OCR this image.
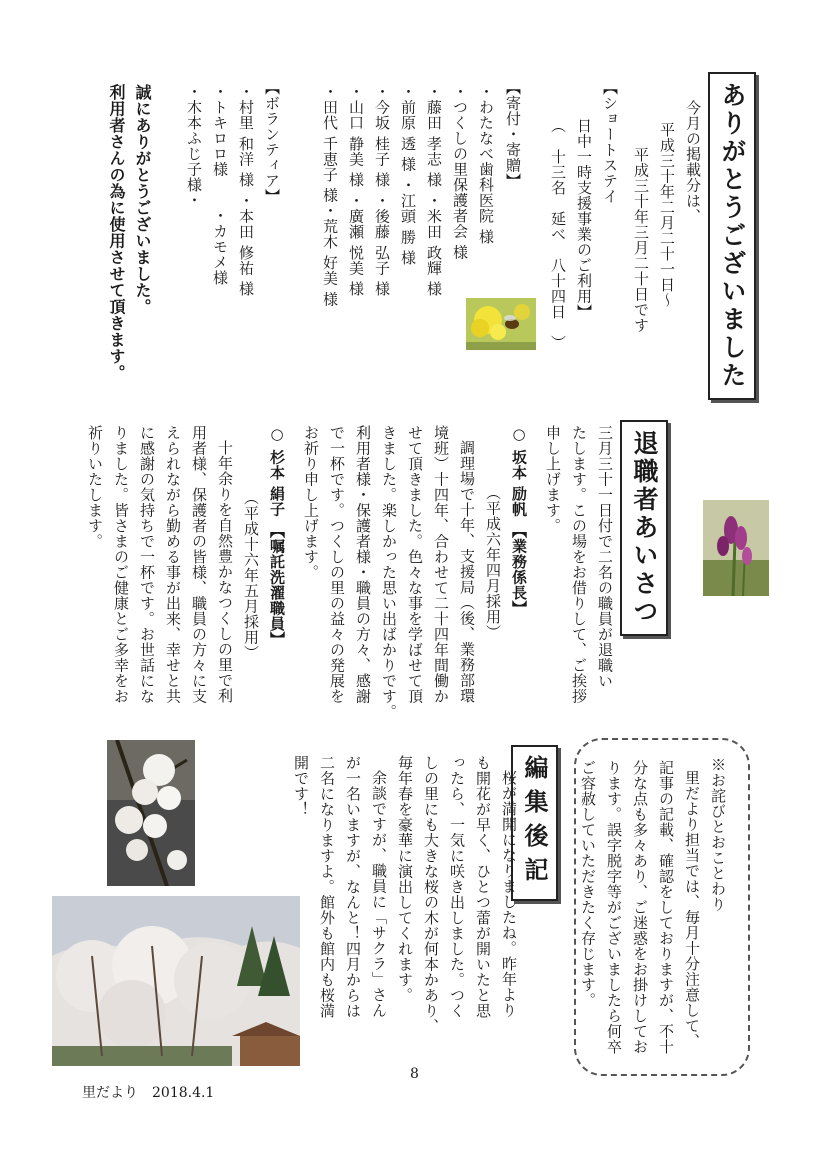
ありがとうございました
今月の掲載分は、
平成三十年二月二十一日～
平成三十年三月二十日です
【ショートステイ
日中一時支援事業のご利用】
（　十三名　延べ　八十四日　）
【寄付・寄贈】
・わたなべ歯科医院 様
・つくしの里保護者会 様
・藤田 孝志 様 ・米田 政輝 様
・前原 透 様 ・江頭 勝 様
・今坂 桂子 様 ・後藤 弘子 様
・山口 静美 様 ・廣瀬 悦美 様
・田代 千恵子 様・荒木 好美 様
【ボランティア】
・村里 和洋 様 ・本田 修祐 様
・トキロロ様　　・カモメ様
・木本ふじ子様・
誠にありがとうございました。
利用者さんの為に使用させて頂きます。
退職者あいさつ
三月三十一日付で二名の職員が退職い
たします。この場をお借りして、ご挨拶
申し上げます。
○ 坂本 励帆 【業務係長】
（平成六年四月採用）
調理場で十年、支援局（後、業務部環
境班）十四年、合わせて二十四年間働か
せて頂きました。色々な事を学ばせて頂
きました。楽しかった思い出ばかりです。
利用者様・保護者様・職員の方々、感謝
で一杯です。つくしの里の益々の発展を
お祈り申し上げます。
○ 杉本 絹子 【嘱託洗濯職員】
（平成十六年五月採用）
十年余りを自然豊かなつくしの里で利
用者様、保護者の皆様、職員の方々に支
えられながら勤める事が出来、幸せと共
に感謝の気持ちで一杯です。お世話にな
りました。皆さまのご健康とご多幸をお
祈りいたします。
※お詫びとおことわり
里だより担当では、毎月十分注意して、
記事の記載、確認をしておりますが、不十
分な点も多々あり、ご迷惑をお掛けしてお
ります。誤字脱字等がございましたら何卒
ご容赦していただきたく存じます。
編集後記
桜が満開になりましたね。昨年より
も開花が早く、ひとつ蕾が開いたと思
ったら、一気に咲き出しました。つく
しの里にも大きな桜の木が何本かあり、
毎年春を豪華に演出してくれます。
余談ですが、職員に「サクラ」さん
が一名いますが、なんと！四月からは
二名になりますよ。館外も館内も桜満
開です！
里だより　2018.4.1
8
